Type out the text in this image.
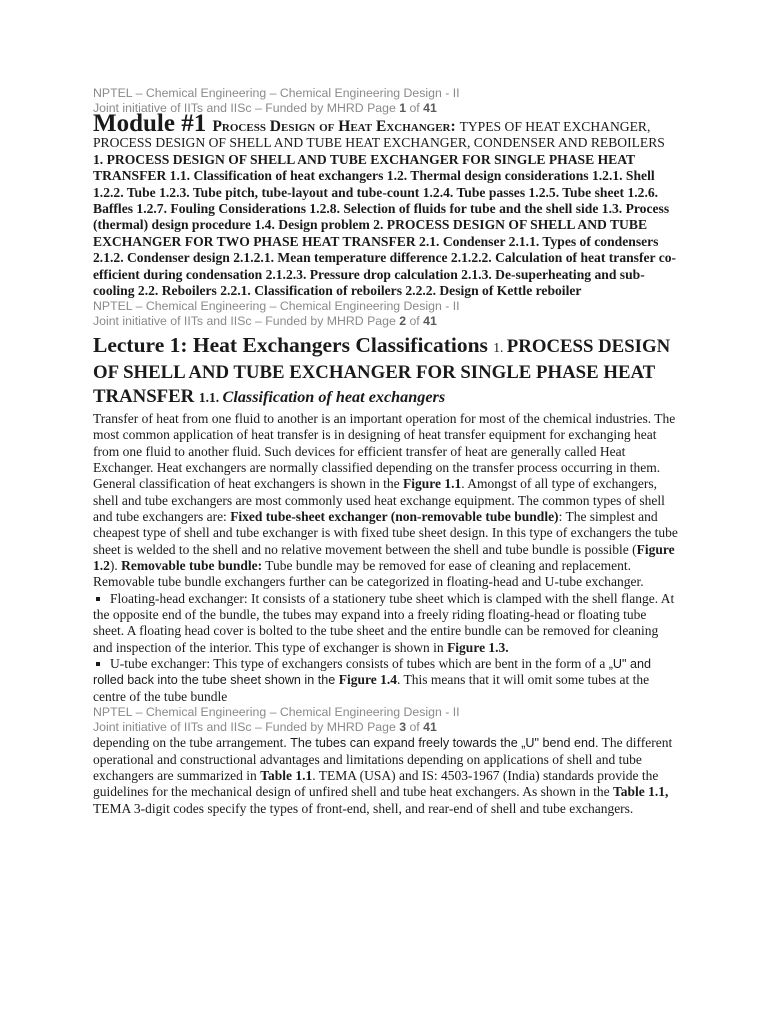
NPTEL – Chemical Engineering – Chemical Engineering Design - II
Joint initiative of IITs and IISc – Funded by MHRD Page 1 of 41
Module #1 Process Design of Heat Exchanger: TYPES OF HEAT EXCHANGER, PROCESS DESIGN OF SHELL AND TUBE HEAT EXCHANGER, CONDENSER AND REBOILERS 1. PROCESS DESIGN OF SHELL AND TUBE EXCHANGER FOR SINGLE PHASE HEAT TRANSFER 1.1. Classification of heat exchangers 1.2. Thermal design considerations 1.2.1. Shell 1.2.2. Tube 1.2.3. Tube pitch, tube-layout and tube-count 1.2.4. Tube passes 1.2.5. Tube sheet 1.2.6. Baffles 1.2.7. Fouling Considerations 1.2.8. Selection of fluids for tube and the shell side 1.3. Process (thermal) design procedure 1.4. Design problem 2. PROCESS DESIGN OF SHELL AND TUBE EXCHANGER FOR TWO PHASE HEAT TRANSFER 2.1. Condenser 2.1.1. Types of condensers 2.1.2. Condenser design 2.1.2.1. Mean temperature difference 2.1.2.2. Calculation of heat transfer co-efficient during condensation 2.1.2.3. Pressure drop calculation 2.1.3. De-superheating and sub-cooling 2.2. Reboilers 2.2.1. Classification of reboilers 2.2.2. Design of Kettle reboiler
NPTEL – Chemical Engineering – Chemical Engineering Design - II
Joint initiative of IITs and IISc – Funded by MHRD Page 2 of 41
Lecture 1: Heat Exchangers Classifications 1. PROCESS DESIGN OF SHELL AND TUBE EXCHANGER FOR SINGLE PHASE HEAT TRANSFER 1.1. Classification of heat exchangers
Transfer of heat from one fluid to another is an important operation for most of the chemical industries. The most common application of heat transfer is in designing of heat transfer equipment for exchanging heat from one fluid to another fluid. Such devices for efficient transfer of heat are generally called Heat Exchanger. Heat exchangers are normally classified depending on the transfer process occurring in them. General classification of heat exchangers is shown in the Figure 1.1. Amongst of all type of exchangers, shell and tube exchangers are most commonly used heat exchange equipment. The common types of shell and tube exchangers are: Fixed tube-sheet exchanger (non-removable tube bundle): The simplest and cheapest type of shell and tube exchanger is with fixed tube sheet design. In this type of exchangers the tube sheet is welded to the shell and no relative movement between the shell and tube bundle is possible (Figure 1.2). Removable tube bundle: Tube bundle may be removed for ease of cleaning and replacement. Removable tube bundle exchangers further can be categorized in floating-head and U-tube exchanger.
Floating-head exchanger: It consists of a stationery tube sheet which is clamped with the shell flange. At the opposite end of the bundle, the tubes may expand into a freely riding floating-head or floating tube sheet. A floating head cover is bolted to the tube sheet and the entire bundle can be removed for cleaning and inspection of the interior. This type of exchanger is shown in Figure 1.3.
U-tube exchanger: This type of exchangers consists of tubes which are bent in the form of a „U" and rolled back into the tube sheet shown in the Figure 1.4. This means that it will omit some tubes at the centre of the tube bundle
NPTEL – Chemical Engineering – Chemical Engineering Design - II
Joint initiative of IITs and IISc – Funded by MHRD Page 3 of 41
depending on the tube arrangement. The tubes can expand freely towards the „U" bend end. The different operational and constructional advantages and limitations depending on applications of shell and tube exchangers are summarized in Table 1.1. TEMA (USA) and IS: 4503-1967 (India) standards provide the guidelines for the mechanical design of unfired shell and tube heat exchangers. As shown in the Table 1.1, TEMA 3-digit codes specify the types of front-end, shell, and rear-end of shell and tube exchangers.
